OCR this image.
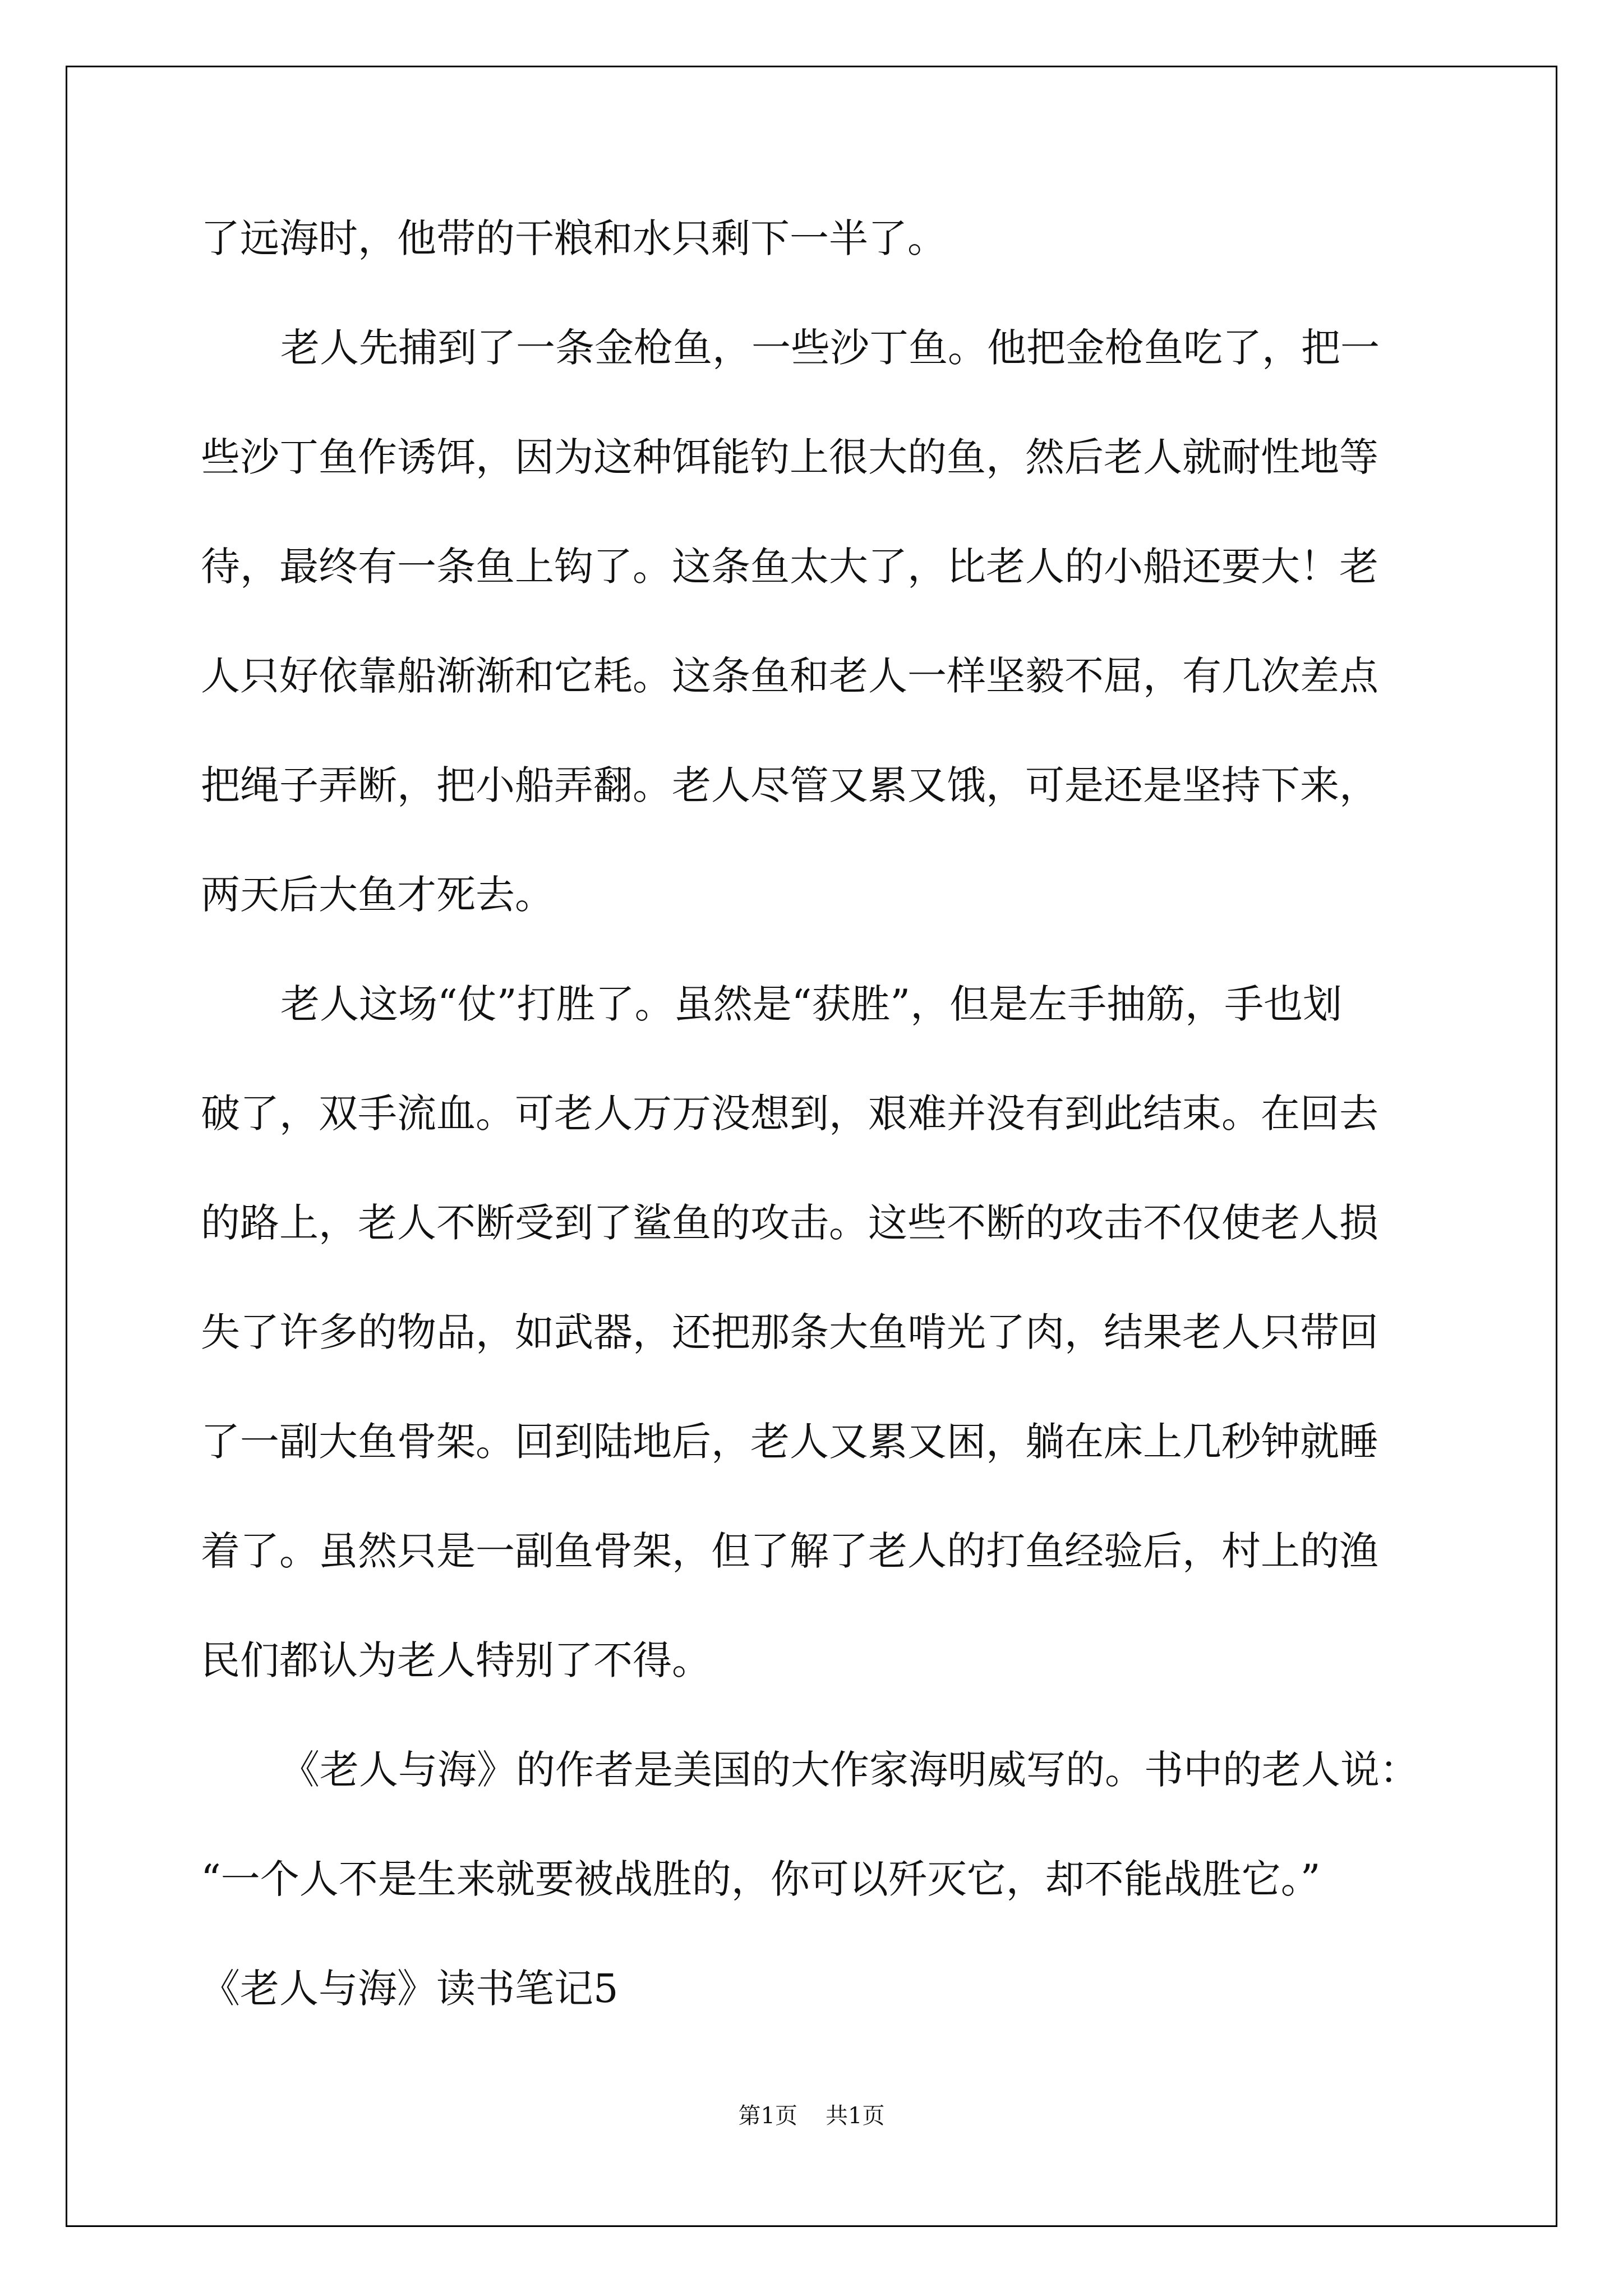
了远海时，他带的干粮和水只剩下一半了。

老人先捕到了一条金枪鱼，一些沙丁鱼。他把金枪鱼吃了，把一

些沙丁鱼作诱饵，因为这种饵能钓上很大的鱼，然后老人就耐性地等

待，最终有一条鱼上钩了。这条鱼太大了，比老人的小船还要大！老

人只好依靠船渐渐和它耗。这条鱼和老人一样坚毅不屈，有几次差点

把绳子弄断，把小船弄翻。老人尽管又累又饿，可是还是坚持下来，

两天后大鱼才死去。

老人这场“仗”打胜了。虽然是“获胜”，但是左手抽筋，手也划

破了，双手流血。可老人万万没想到，艰难并没有到此结束。在回去

的路上，老人不断受到了鲨鱼的攻击。这些不断的攻击不仅使老人损

失了许多的物品，如武器，还把那条大鱼啃光了肉，结果老人只带回

了一副大鱼骨架。回到陆地后，老人又累又困，躺在床上几秒钟就睡

着了。虽然只是一副鱼骨架，但了解了老人的打鱼经验后，村上的渔

民们都认为老人特别了不得。

《老人与海》的作者是美国的大作家海明威写的。书中的老人说：

“一个人不是生来就要被战胜的，你可以歼灭它，却不能战胜它。”

《老人与海》读书笔记5

第1页 共1页
